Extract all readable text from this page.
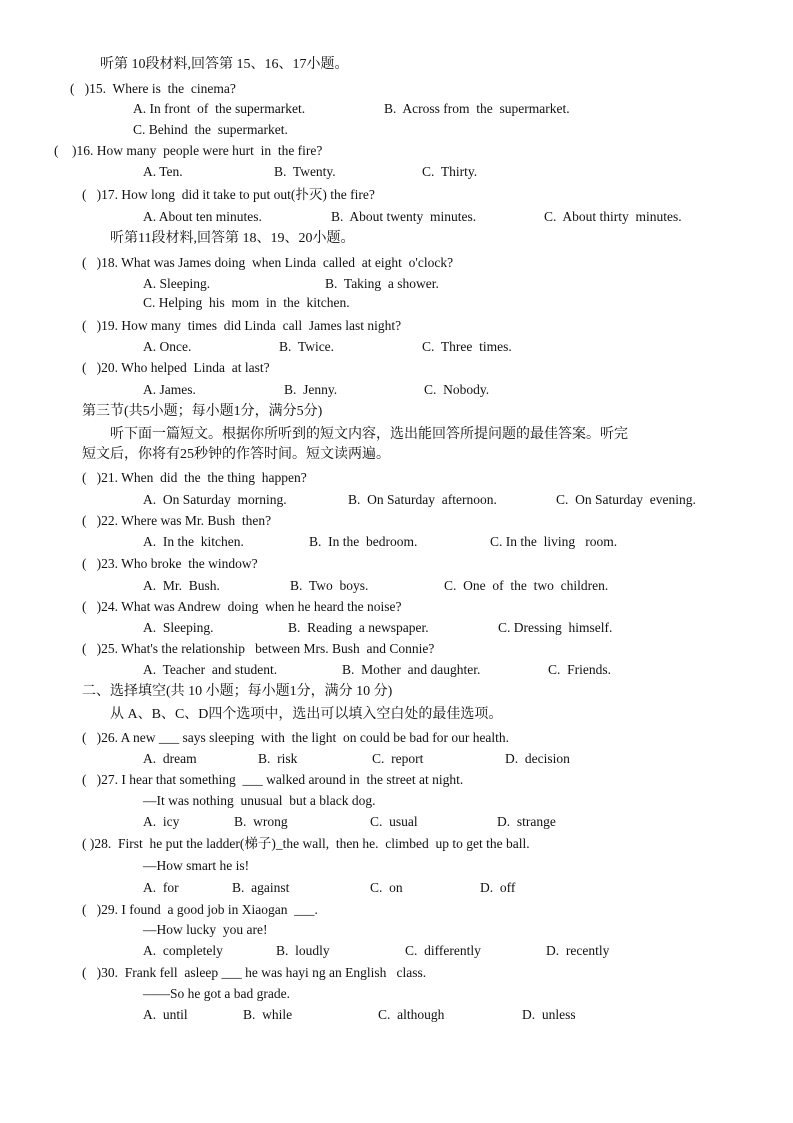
听第 10段材料,回答第 15、16、17小题。
(   )15.  Where is  the  cinema?
A. In front  of  the supermarket.	B.  Across from  the  supermarket.
C. Behind  the  supermarket.
(    )16. How many  people were hurt  in  the fire?
A. Ten.	B.  Twenty.	C.  Thirty.
(   )17. How long  did it take to put out(扑灭) the fire?
A. About ten minutes.	B.  About twenty  minutes.	C.  About thirty  minutes.
听第11段材料,回答第 18、19、20小题。
(   )18. What was James doing  when Linda  called  at eight  o'clock?
A. Sleeping.	B.  Taking  a shower.
C. Helping  his  mom  in  the  kitchen.
(   )19. How many  times  did Linda  call  James last night?
A. Once.	B.  Twice.	C.  Three  times.
(   )20. Who helped  Linda  at last?
A. James.	B.  Jenny.	C.  Nobody.
第三节(共5小题；每小题1分，满分5分)
听下面一篇短文。根据你所听到的短文内容，选出能回答所提问题的最佳答案。听完
短文后，你将有25秒钟的作答时间。短文读两遍。
(   )21. When  did  the  the thing  happen?
A.  On Saturday  morning.	B.  On Saturday  afternoon.	C.  On Saturday  evening.
(   )22. Where was Mr. Bush  then?
A.  In the  kitchen.	B.  In the  bedroom.	C. In the  living   room.
(   )23. Who broke  the window?
A.  Mr.  Bush.	B.  Two  boys.	C.  One  of  the  two  children.
(   )24. What was Andrew  doing  when he heard the noise?
A.  Sleeping.	B.  Reading  a newspaper.	C. Dressing  himself.
(   )25. What's the relationship   between Mrs. Bush  and Connie?
A.  Teacher  and student.	B.  Mother  and daughter.	C.  Friends.
二、选择填空(共 10 小题；每小题1分，满分 10 分)
从 A、B、C、D四个选项中，选出可以填入空白处的最佳选项。
(   )26. A new ___ says sleeping  with  the light  on could be bad for our health.
A.  dream	B.  risk	C.  report	D.  decision
(   )27. I hear that something  ___ walked around in  the street at night.
—It was nothing  unusual  but a black dog.
A.  icy	B.  wrong	C.  usual	D.  strange
( )28.  First  he put the ladder(梯子)_the wall,  then he.  climbed  up to get the ball.
—How smart he is!
A.  for	B.  against	C.  on	D.  off
(   )29. I found  a good job in Xiaogan  ___.
—How lucky  you are!
A.  completely	B.  loudly	C.  differently	D.  recently
(   )30.  Frank fell  asleep ___ he was hayi ng an English   class.
——So he got a bad grade.
A.  until	B.  while	C.  although	D.  unless
